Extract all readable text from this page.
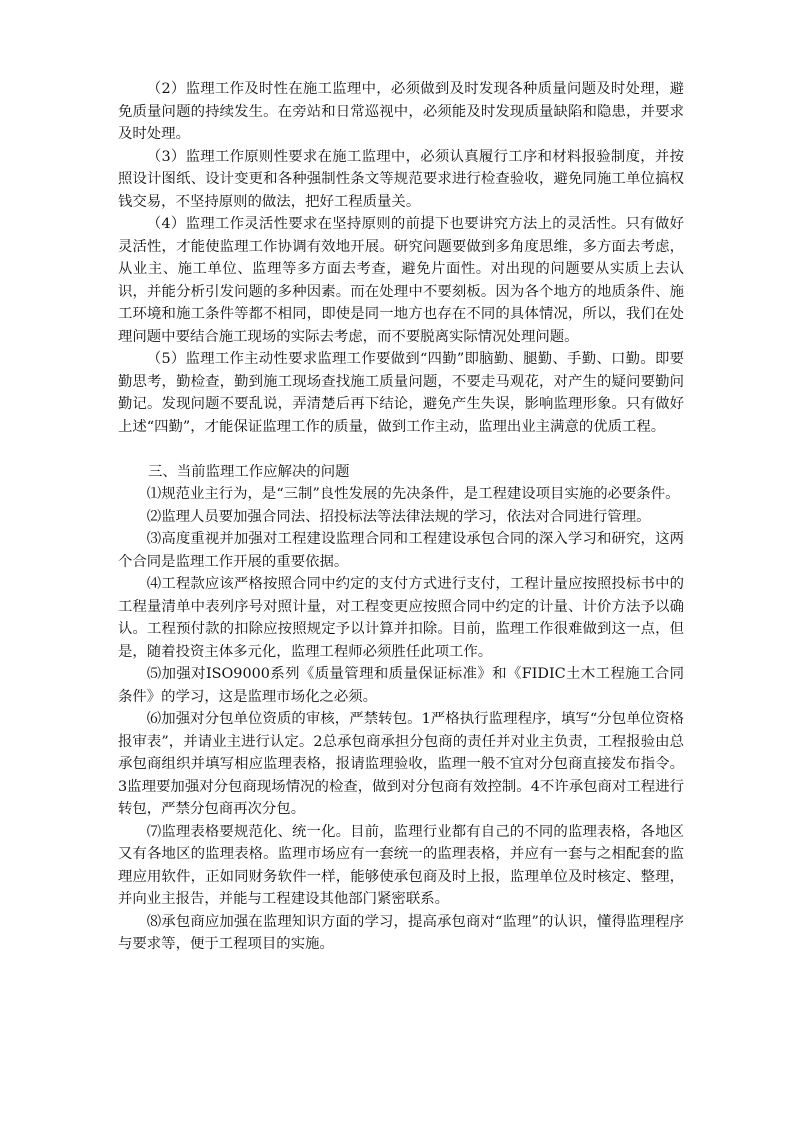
（2）监理工作及时性在施工监理中，必须做到及时发现各种质量问题及时处理，避免质量问题的持续发生。在旁站和日常巡视中，必须能及时发现质量缺陷和隐患，并要求及时处理。

（3）监理工作原则性要求在施工监理中，必须认真履行工序和材料报验制度，并按照设计图纸、设计变更和各种强制性条文等规范要求进行检查验收，避免同施工单位搞权钱交易，不坚持原则的做法，把好工程质量关。

（4）监理工作灵活性要求在坚持原则的前提下也要讲究方法上的灵活性。只有做好灵活性，才能使监理工作协调有效地开展。研究问题要做到多角度思维，多方面去考虑，从业主、施工单位、监理等多方面去考查，避免片面性。对出现的问题要从实质上去认识，并能分析引发问题的多种因素。而在处理中不要刻板。因为各个地方的地质条件、施工环境和施工条件等都不相同，即使是同一地方也存在不同的具体情况，所以，我们在处理问题中要结合施工现场的实际去考虑，而不要脱离实际情况处理问题。

（5）监理工作主动性要求监理工作要做到“四勤”即脑勤、腿勤、手勤、口勤。即要勤思考，勤检查，勤到施工现场查找施工质量问题，不要走马观花，对产生的疑问要勤问勤记。发现问题不要乱说，弄清楚后再下结论，避免产生失误，影响监理形象。只有做好上述“四勤”，才能保证监理工作的质量，做到工作主动，监理出业主满意的优质工程。

三、当前监理工作应解决的问题

⑴规范业主行为，是“三制”良性发展的先决条件，是工程建设项目实施的必要条件。

⑵监理人员要加强合同法、招投标法等法律法规的学习，依法对合同进行管理。

⑶高度重视并加强对工程建设监理合同和工程建设承包合同的深入学习和研究，这两个合同是监理工作开展的重要依据。

⑷工程款应该严格按照合同中约定的支付方式进行支付，工程计量应按照投标书中的工程量清单中表列序号对照计量，对工程变更应按照合同中约定的计量、计价方法予以确认。工程预付款的扣除应按照规定予以计算并扣除。目前，监理工作很难做到这一点，但是，随着投资主体多元化，监理工程师必须胜任此项工作。

⑸加强对ISO9000系列《质量管理和质量保证标准》和《FIDIC土木工程施工合同条件》的学习，这是监理市场化之必须。

⑹加强对分包单位资质的审核，严禁转包。1严格执行监理程序，填写“分包单位资格报审表”，并请业主进行认定。2总承包商承担分包商的责任并对业主负责，工程报验由总承包商组织并填写相应监理表格，报请监理验收，监理一般不宜对分包商直接发布指令。3监理要加强对分包商现场情况的检查，做到对分包商有效控制。4不许承包商对工程进行转包，严禁分包商再次分包。

⑺监理表格要规范化、统一化。目前，监理行业都有自己的不同的监理表格，各地区又有各地区的监理表格。监理市场应有一套统一的监理表格，并应有一套与之相配套的监理应用软件，正如同财务软件一样，能够使承包商及时上报，监理单位及时核定、整理，并向业主报告，并能与工程建设其他部门紧密联系。

⑻承包商应加强在监理知识方面的学习，提高承包商对“监理”的认识，懂得监理程序与要求等，便于工程项目的实施。
